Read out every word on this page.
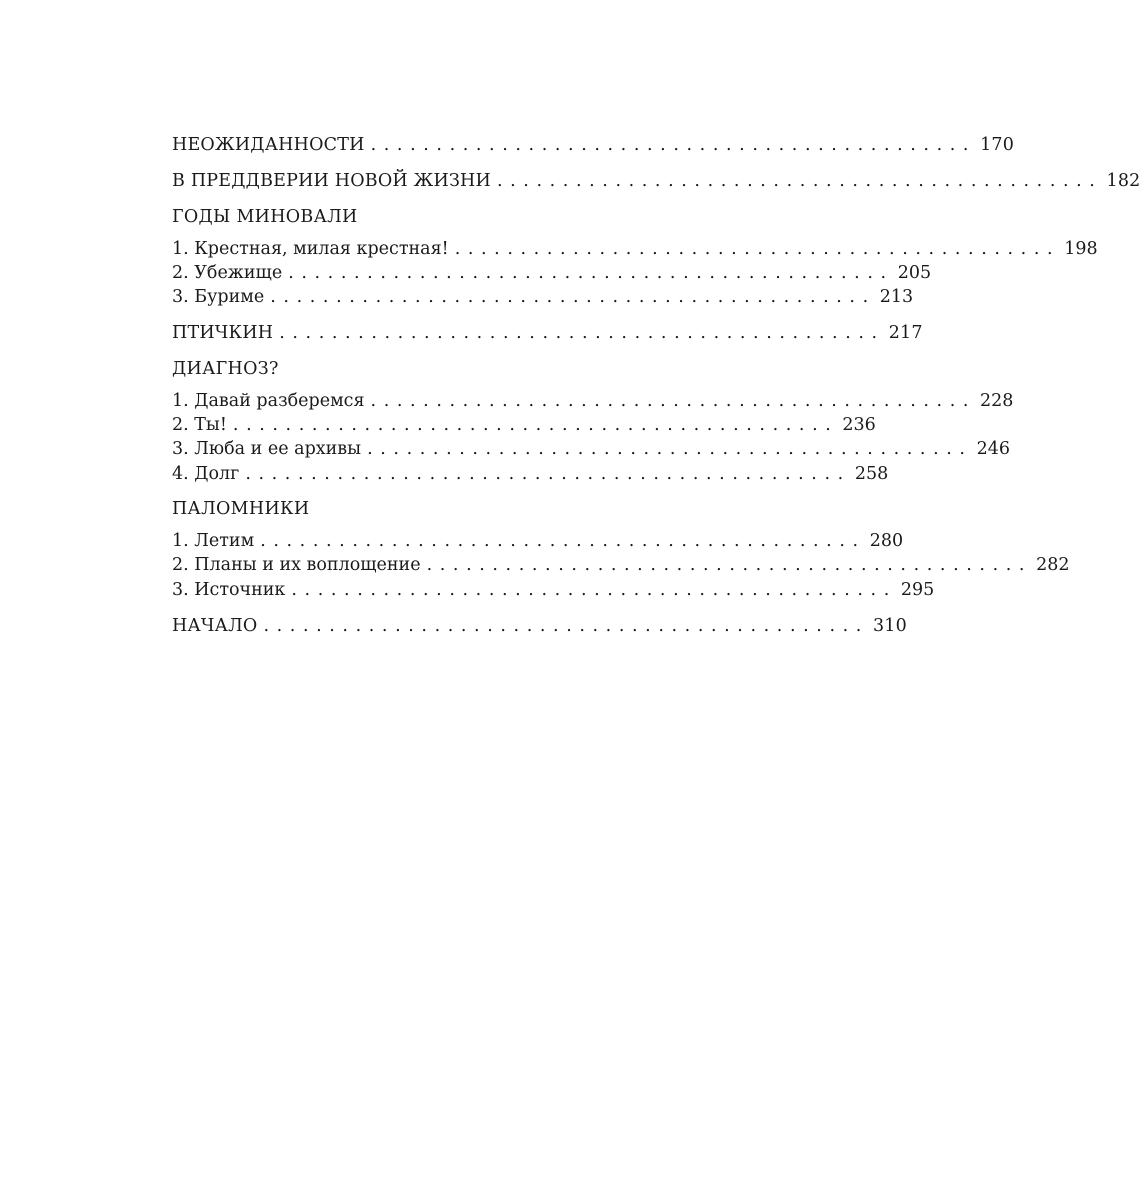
НЕОЖИДАННОСТИ .............................................. 170
В ПРЕДДВЕРИИ НОВОЙ ЖИЗНИ .............................................. 182
ГОДЫ МИНОВАЛИ
1. Крестная, милая крестная! .............................................. 198
2. Убежище .............................................. 205
3. Буриме .............................................. 213
ПТИЧКИН .............................................. 217
ДИАГНОЗ?
1. Давай разберемся .............................................. 228
2. Ты! .............................................. 236
3. Люба и ее архивы .............................................. 246
4. Долг .............................................. 258
ПАЛОМНИКИ
1. Летим .............................................. 280
2. Планы и их воплощение .............................................. 282
3. Источник .............................................. 295
НАЧАЛО .............................................. 310
